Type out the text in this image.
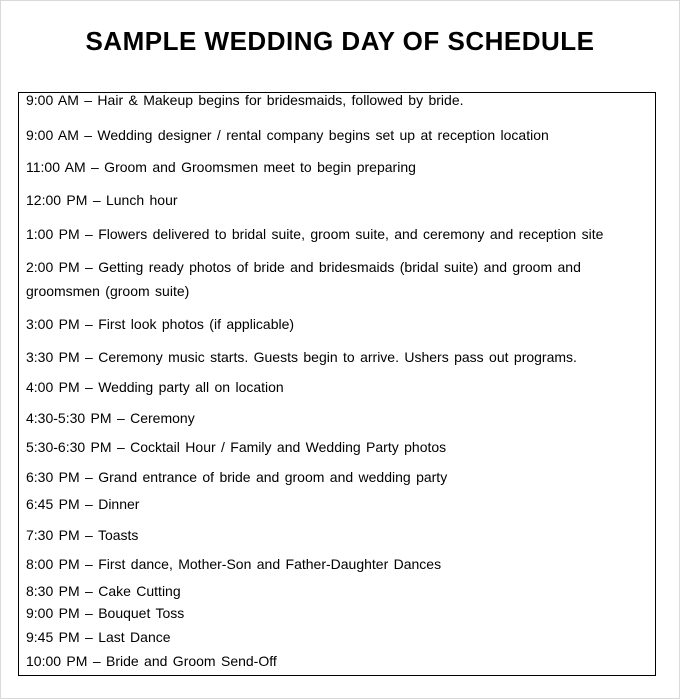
SAMPLE WEDDING DAY OF SCHEDULE
9:00 AM – Hair & Makeup begins for bridesmaids, followed by bride.
9:00 AM – Wedding designer / rental company begins set up at reception location
11:00 AM – Groom and Groomsmen meet to begin preparing
12:00 PM – Lunch hour
1:00 PM – Flowers delivered to bridal suite, groom suite, and ceremony and reception site
2:00 PM – Getting ready photos of bride and bridesmaids (bridal suite) and groom and groomsmen (groom suite)
3:00 PM – First look photos (if applicable)
3:30 PM – Ceremony music starts. Guests begin to arrive. Ushers pass out programs.
4:00 PM – Wedding party all on location
4:30-5:30 PM – Ceremony
5:30-6:30 PM – Cocktail Hour / Family and Wedding Party photos
6:30 PM – Grand entrance of bride and groom and wedding party
6:45 PM – Dinner
7:30 PM – Toasts
8:00 PM – First dance, Mother-Son and Father-Daughter Dances
8:30 PM – Cake Cutting
9:00 PM – Bouquet Toss
9:45 PM – Last Dance
10:00 PM – Bride and Groom Send-Off
